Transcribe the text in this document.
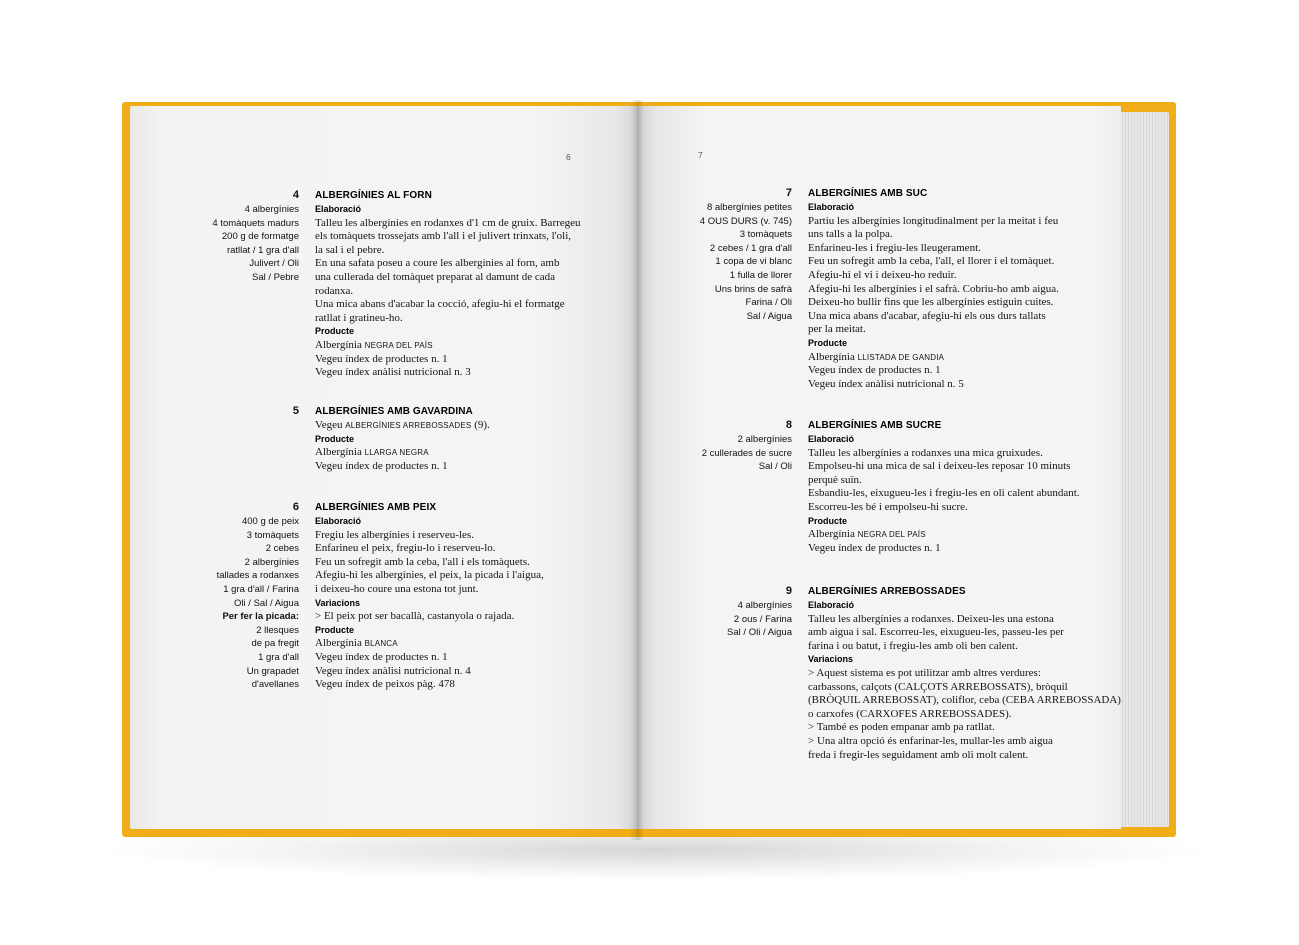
6
4
4 albergínies
4 tomàquets madurs
200 g de formatge
ratllat / 1 gra d'all
Julivert / Oli
Sal / Pebre
ALBERGÍNIES AL FORN
Elaboració
Talleu les albergínies en rodanxes d'1 cm de gruix. Barregeu
els tomàquets trossejats amb l'all i el julivert trinxats, l'oli,
la sal i el pebre.
En una safata poseu a coure les albergínies al forn, amb
una cullerada del tomàquet preparat al damunt de cada
rodanxa.
Una mica abans d'acabar la cocció, afegiu-hi el formatge
ratllat i gratineu-ho.
Producte
Albergínia NEGRA DEL PAÍS
Vegeu índex de productes n. 1
Vegeu índex anàlisi nutricional n. 3
5 ALBERGÍNIES AMB GAVARDINA
Vegeu ALBERGÍNIES ARREBOSSADES (9).
Producte
Albergínia LLARGA NEGRA
Vegeu índex de productes n. 1
6
400 g de peix
3 tomàquets
2 cebes
2 albergínies
tallades a rodanxes
1 gra d'all / Farina
Oli / Sal / Aigua
Per fer la picada:
2 llesques
de pa fregit
1 gra d'all
Un grapadet
d'avellanes
ALBERGÍNIES AMB PEIX
Elaboració
Fregiu les albergínies i reserveu-les.
Enfarineu el peix, fregiu-lo i reserveu-lo.
Feu un sofregit amb la ceba, l'all i els tomàquets.
Afegiu-hi les albergínies, el peix, la picada i l'aigua,
i deixeu-ho coure una estona tot junt.
Variacions
> El peix pot ser bacallà, castanyola o rajada.
Producte
Albergínia BLANCA
Vegeu índex de productes n. 1
Vegeu índex anàlisi nutricional n. 4
Vegeu índex de peixos pàg. 478
7
7
8 albergínies petites
4 OUS DURS (v. 745)
3 tomàquets
2 cebes / 1 gra d'all
1 copa de vi blanc
1 fulla de llorer
Uns brins de safrà
Farina / Oli
Sal / Aigua
ALBERGÍNIES AMB SUC
Elaboració
Partiu les albergínies longitudinalment per la meitat i feu
uns talls a la polpa.
Enfarineu-les i fregiu-les lleugerament.
Feu un sofregit amb la ceba, l'all, el llorer i el tomàquet.
Afegiu-hi el vi i deixeu-ho reduir.
Afegiu-hi les albergínies i el safrà. Cobriu-ho amb aigua.
Deixeu-ho bullir fins que les albergínies estiguin cuites.
Una mica abans d'acabar, afegiu-hi els ous durs tallats
per la meitat.
Producte
Albergínia LLISTADA DE GANDIA
Vegeu índex de productes n. 1
Vegeu índex anàlisi nutricional n. 5
8
2 albergínies
2 cullerades de sucre
Sal / Oli
ALBERGÍNIES AMB SUCRE
Elaboració
Talleu les albergínies a rodanxes una mica gruixudes.
Empolseu-hi una mica de sal i deixeu-les reposar 10 minuts
perquè suïn.
Esbandiu-les, eixugueu-les i fregiu-les en oli calent abundant.
Escorreu-les bé i empolseu-hi sucre.
Producte
Albergínia NEGRA DEL PAÍS
Vegeu índex de productes n. 1
9
4 albergínies
2 ous / Farina
Sal / Oli / Aigua
ALBERGÍNIES ARREBOSSADES
Elaboració
Talleu les albergínies a rodanxes. Deixeu-les una estona
amb aigua i sal. Escorreu-les, eixugueu-les, passeu-les per
farina i ou batut, i fregiu-les amb oli ben calent.
Variacions
> Aquest sistema es pot utilitzar amb altres verdures:
carbassons, calçots (CALÇOTS ARREBOSSATS), bròquil
(BRÒQUIL ARREBOSSAT), coliflor, ceba (CEBA ARREBOSSADA)
o carxofes (CARXOFES ARREBOSSADES).
> També es poden empanar amb pa ratllat.
> Una altra opció és enfarinar-les, mullar-les amb aigua
freda i fregir-les seguidament amb oli molt calent.
